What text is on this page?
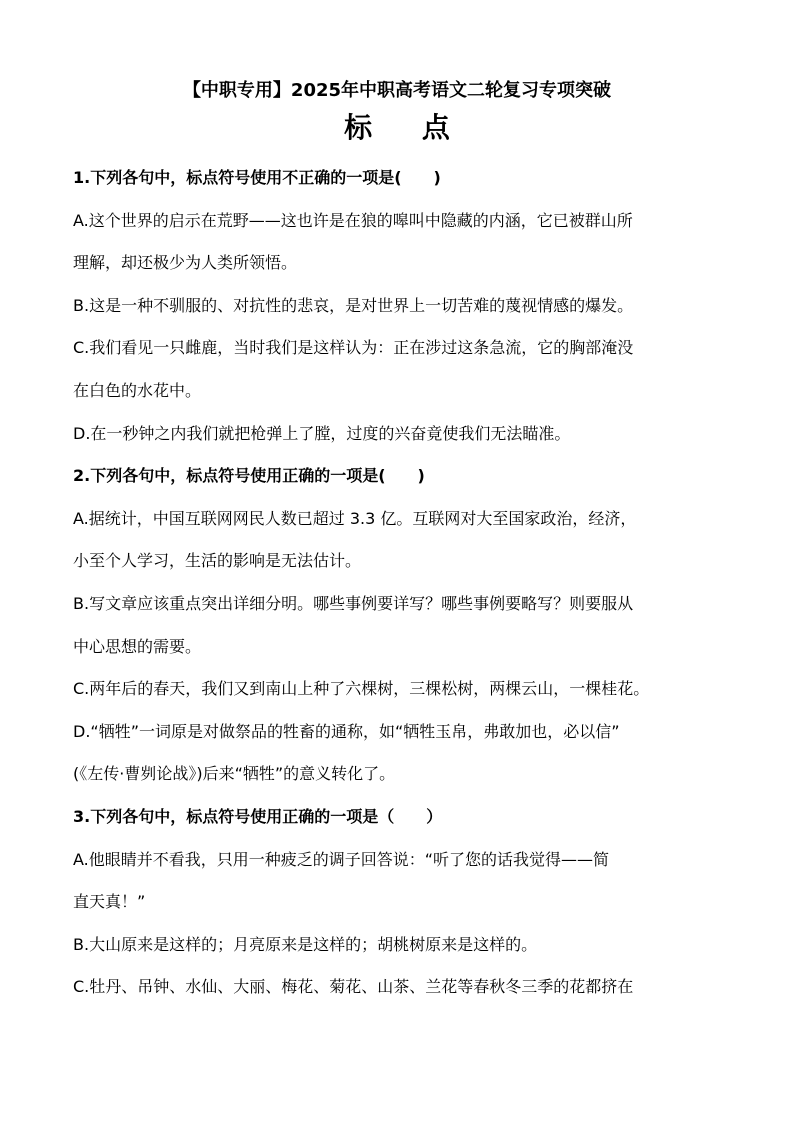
【中职专用】2025年中职高考语文二轮复习专项突破
标 点
1.下列各句中，标点符号使用不正确的一项是(　　)
A.这个世界的启示在荒野——这也许是在狼的嗥叫中隐藏的内涵，它已被群山所
理解，却还极少为人类所领悟。
B.这是一种不驯服的、对抗性的悲哀，是对世界上一切苦难的蔑视情感的爆发。
C.我们看见一只雌鹿，当时我们是这样认为：正在涉过这条急流，它的胸部淹没
在白色的水花中。
D.在一秒钟之内我们就把枪弹上了膛，过度的兴奋竟使我们无法瞄准。
2.下列各句中，标点符号使用正确的一项是(　　)
A.据统计，中国互联网网民人数已超过 3.3 亿。互联网对大至国家政治，经济，
小至个人学习，生活的影响是无法估计。
B.写文章应该重点突出详细分明。哪些事例要详写？哪些事例要略写？则要服从
中心思想的需要。
C.两年后的春天，我们又到南山上种了六棵树，三棵松树，两棵云山，一棵桂花。
D.“牺牲”一词原是对做祭品的牲畜的通称，如“牺牲玉帛，弗敢加也，必以信”
(《左传·曹刿论战》)后来“牺牲”的意义转化了。
3.下列各句中，标点符号使用正确的一项是（　　）
A.他眼睛并不看我，只用一种疲乏的调子回答说：“听了您的话我觉得——简
直天真！”
B.大山原来是这样的；月亮原来是这样的；胡桃树原来是这样的。
C.牡丹、吊钟、水仙、大丽、梅花、菊花、山茶、兰花等春秋冬三季的花都挤在
